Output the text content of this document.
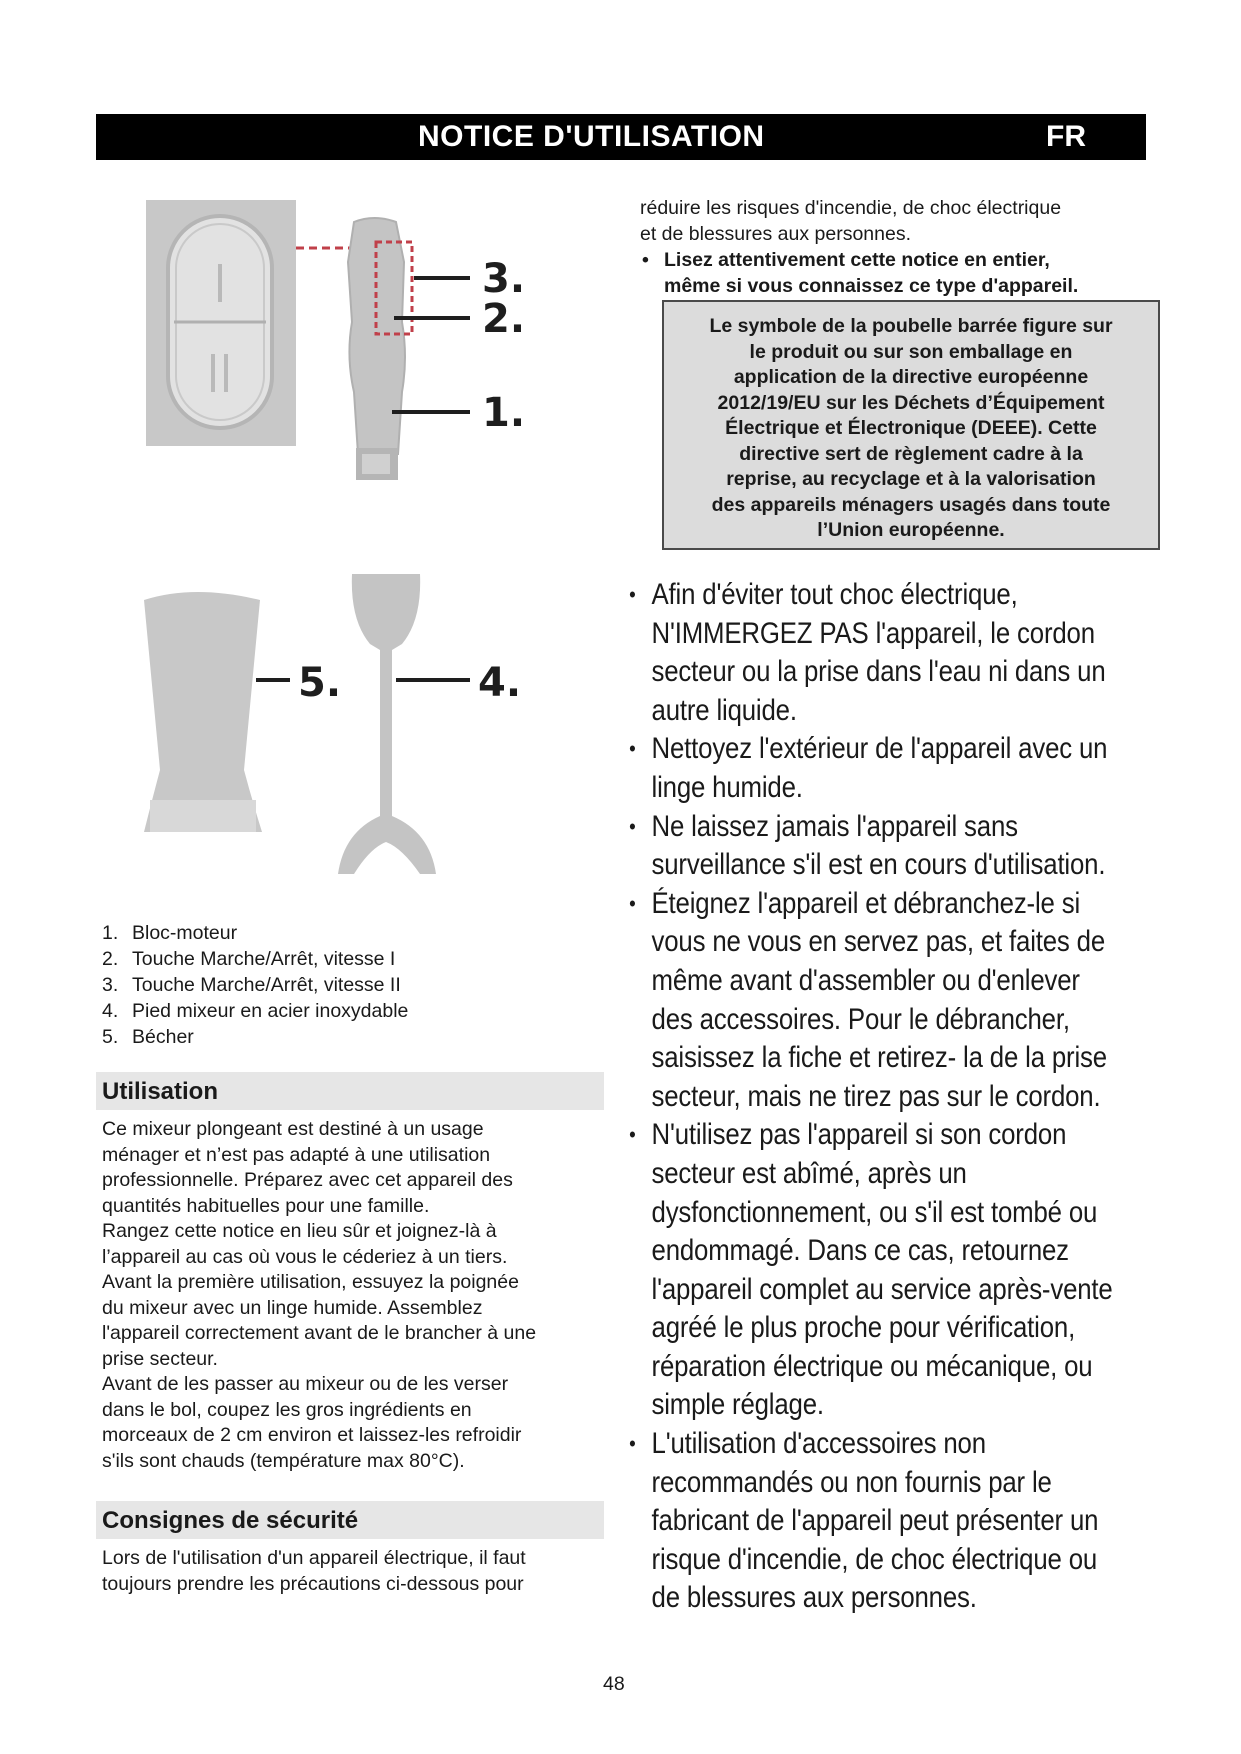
NOTICE D'UTILISATION	FR
3.
2.
1.
5.	4.
1. Bloc-moteur
2. Touche Marche/Arrêt, vitesse I
3. Touche Marche/Arrêt, vitesse II
4. Pied mixeur en acier inoxydable
5. Bécher
Utilisation

Ce mixeur plongeant est destiné à un usage
ménager et n’est pas adapté à une utilisation
professionnelle. Préparez avec cet appareil des
quantités habituelles pour une famille.
Rangez cette notice en lieu sûr et joignez-là à
l’appareil au cas où vous le céderiez à un tiers.
Avant la première utilisation, essuyez la poignée
du mixeur avec un linge humide. Assemblez
l'appareil correctement avant de le brancher à une
prise secteur.
Avant de les passer au mixeur ou de les verser
dans le bol, coupez les gros ingrédients en
morceaux de 2 cm environ et laissez-les refroidir
s'ils sont chauds (température max 80°C).

Consignes de sécurité

Lors de l'utilisation d'un appareil électrique, il faut
toujours prendre les précautions ci-dessous pour

réduire les risques d'incendie, de choc électrique
et de blessures aux personnes.

• Lisez attentivement cette notice en entier,
même si vous connaissez ce type d'appareil.
Le symbole de la poubelle barrée figure sur
le produit ou sur son emballage en
application de la directive européenne
2012/19/EU sur les Déchets d’Équipement
Électrique et Électronique (DEEE). Cette
directive sert de règlement cadre à la
reprise, au recyclage et à la valorisation
des appareils ménagers usagés dans toute
l’Union européenne.
• Afin d'éviter tout choc électrique,
N'IMMERGEZ PAS l'appareil, le cordon
secteur ou la prise dans l'eau ni dans un
autre liquide.
• Nettoyez l'extérieur de l'appareil avec un
linge humide.
• Ne laissez jamais l'appareil sans
surveillance s'il est en cours d'utilisation.
• Éteignez l'appareil et débranchez-le si
vous ne vous en servez pas, et faites de
même avant d'assembler ou d'enlever
des accessoires. Pour le débrancher,
saisissez la fiche et retirez- la de la prise
secteur, mais ne tirez pas sur le cordon.
• N'utilisez pas l'appareil si son cordon
secteur est abîmé, après un
dysfonctionnement, ou s'il est tombé ou
endommagé. Dans ce cas, retournez
l'appareil complet au service après-vente
agréé le plus proche pour vérification,
réparation électrique ou mécanique, ou
simple réglage.
• L'utilisation d'accessoires non
recommandés ou non fournis par le
fabricant de l'appareil peut présenter un
risque d'incendie, de choc électrique ou
de blessures aux personnes.
48
